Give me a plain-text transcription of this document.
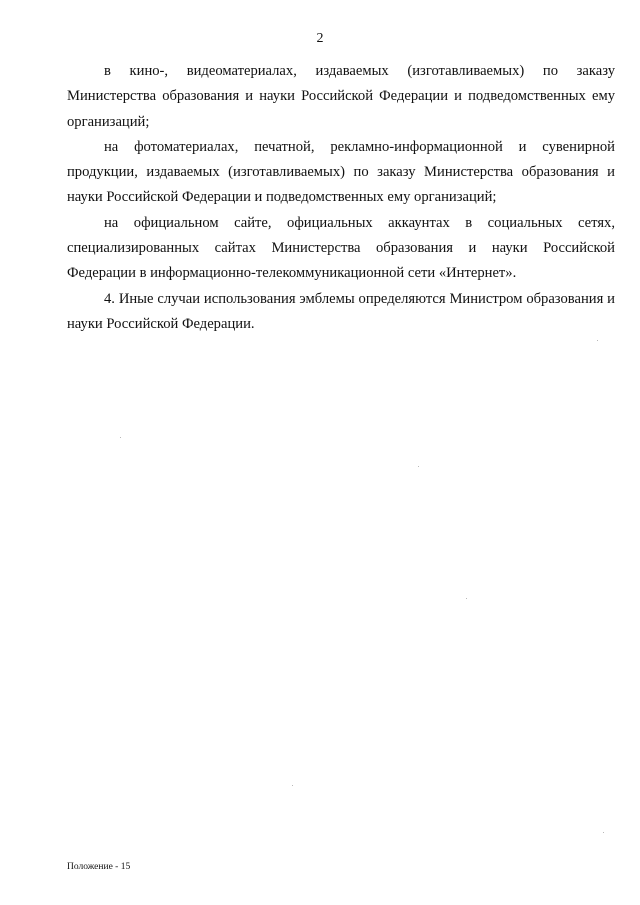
2

в кино-, видеоматериалах, издаваемых (изготавливаемых) по заказу Министерства образования и науки Российской Федерации и подведомственных ему организаций;

на фотоматериалах, печатной, рекламно-информационной и сувенирной продукции, издаваемых (изготавливаемых) по заказу Министерства образования и науки Российской Федерации и подведомственных ему организаций;

на официальном сайте, официальных аккаунтах в социальных сетях, специализированных сайтах Министерства образования и науки Российской Федерации в информационно-телекоммуникационной сети «Интернет».

4. Иные случаи использования эмблемы определяются Министром образования и науки Российской Федерации.

Положение - 15
